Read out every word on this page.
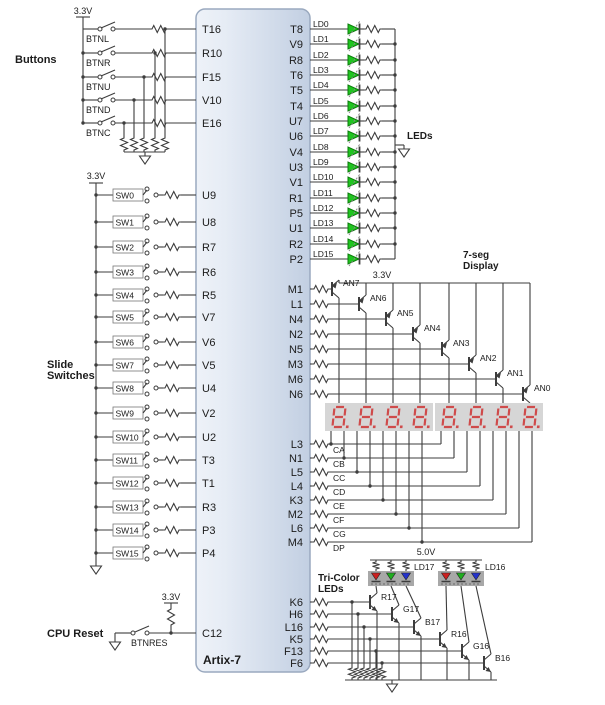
Artix-7
3.3V
BTNL
T16
BTNR
R10
BTNU
F15
BTND
V10
BTNC
E16
Buttons
3.3V
SW0	U9
SW1	U8
SW2	R7
SW3	R6
SW4	R5
SW5	V7
SW6	V6
SW7	V5
SW8	U4
SW9	V2
SW10	U2
SW11	T3
SW12	T1
SW13	R3
SW14	P3
SW15	P4
Slide
Switches
CPU Reset
3.3V
BTNRES
C12
LD0
T8
LD1
V9
LD2
R8
LD3
T6
LD4
T5
LD5
T4
LD6
U7
LD7
U6
LD8
V4
LD9
U3
LD10
V1
LD11
R1
LD12
P5
LD13
U1
LD14
R2
LD15
P2
LEDs
3.3V
7-seg
Display
AN7
M1
AN6
L1
AN5
N4
AN4
N2
AN3
N5
AN2
M3
AN1
M6
AN0
N6
CA
L3
CB
N1
CC
L5
CD
L4
CE
K3
CF
M2
CG
L6
DP
M4
5.0V
LD17	LD16
R17
K6	G17
H6
B17
L16	R16
K5	G16
F13	B16
F6
Tri-Color
LEDs
